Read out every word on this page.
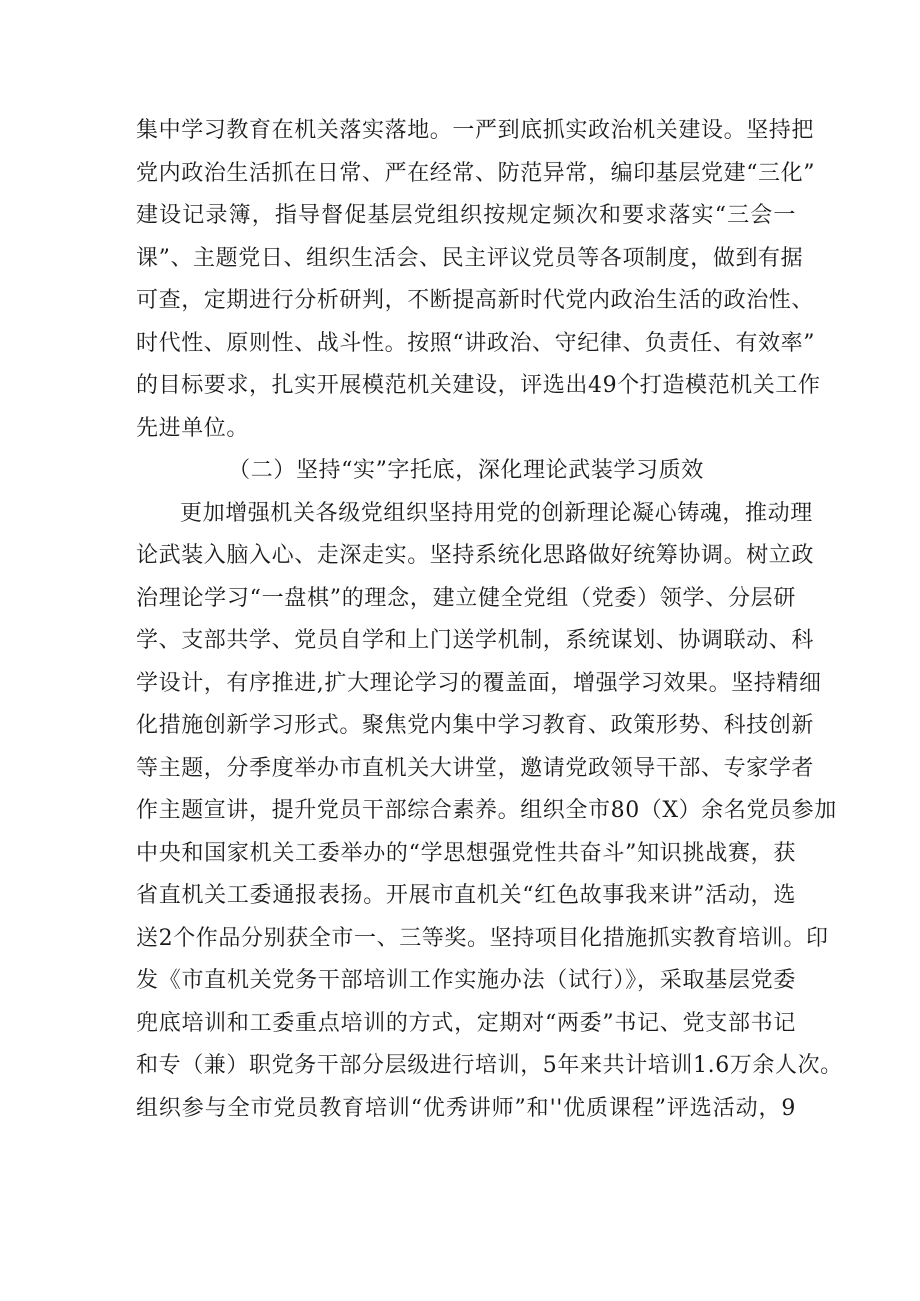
集中学习教育在机关落实落地。一严到底抓实政治机关建设。坚持把
党内政治生活抓在日常、严在经常、防范异常，编印基层党建“三化”
建设记录簿，指导督促基层党组织按规定频次和要求落实“三会一
课”、主题党日、组织生活会、民主评议党员等各项制度，做到有据
可查，定期进行分析研判，不断提高新时代党内政治生活的政治性、
时代性、原则性、战斗性。按照“讲政治、守纪律、负责任、有效率”
的目标要求，扎实开展模范机关建设，评选出49个打造模范机关工作
先进单位。
（二）坚持“实”字托底，深化理论武装学习质效
更加增强机关各级党组织坚持用党的创新理论凝心铸魂，推动理
论武装入脑入心、走深走实。坚持系统化思路做好统筹协调。树立政
治理论学习“一盘棋”的理念，建立健全党组（党委）领学、分层研
学、支部共学、党员自学和上门送学机制，系统谋划、协调联动、科
学设计，有序推进,扩大理论学习的覆盖面，增强学习效果。坚持精细
化措施创新学习形式。聚焦党内集中学习教育、政策形势、科技创新
等主题，分季度举办市直机关大讲堂，邀请党政领导干部、专家学者
作主题宣讲，提升党员干部综合素养。组织全市80（X）余名党员参加
中央和国家机关工委举办的“学思想强党性共奋斗”知识挑战赛，获
省直机关工委通报表扬。开展市直机关“红色故事我来讲”活动，选
送2个作品分别获全市一、三等奖。坚持项目化措施抓实教育培训。印
发《市直机关党务干部培训工作实施办法（试行）》，采取基层党委
兜底培训和工委重点培训的方式，定期对“两委”书记、党支部书记
和专（兼）职党务干部分层级进行培训，5年来共计培训1.6万余人次。
组织参与全市党员教育培训“优秀讲师”和''优质课程”评选活动，9
